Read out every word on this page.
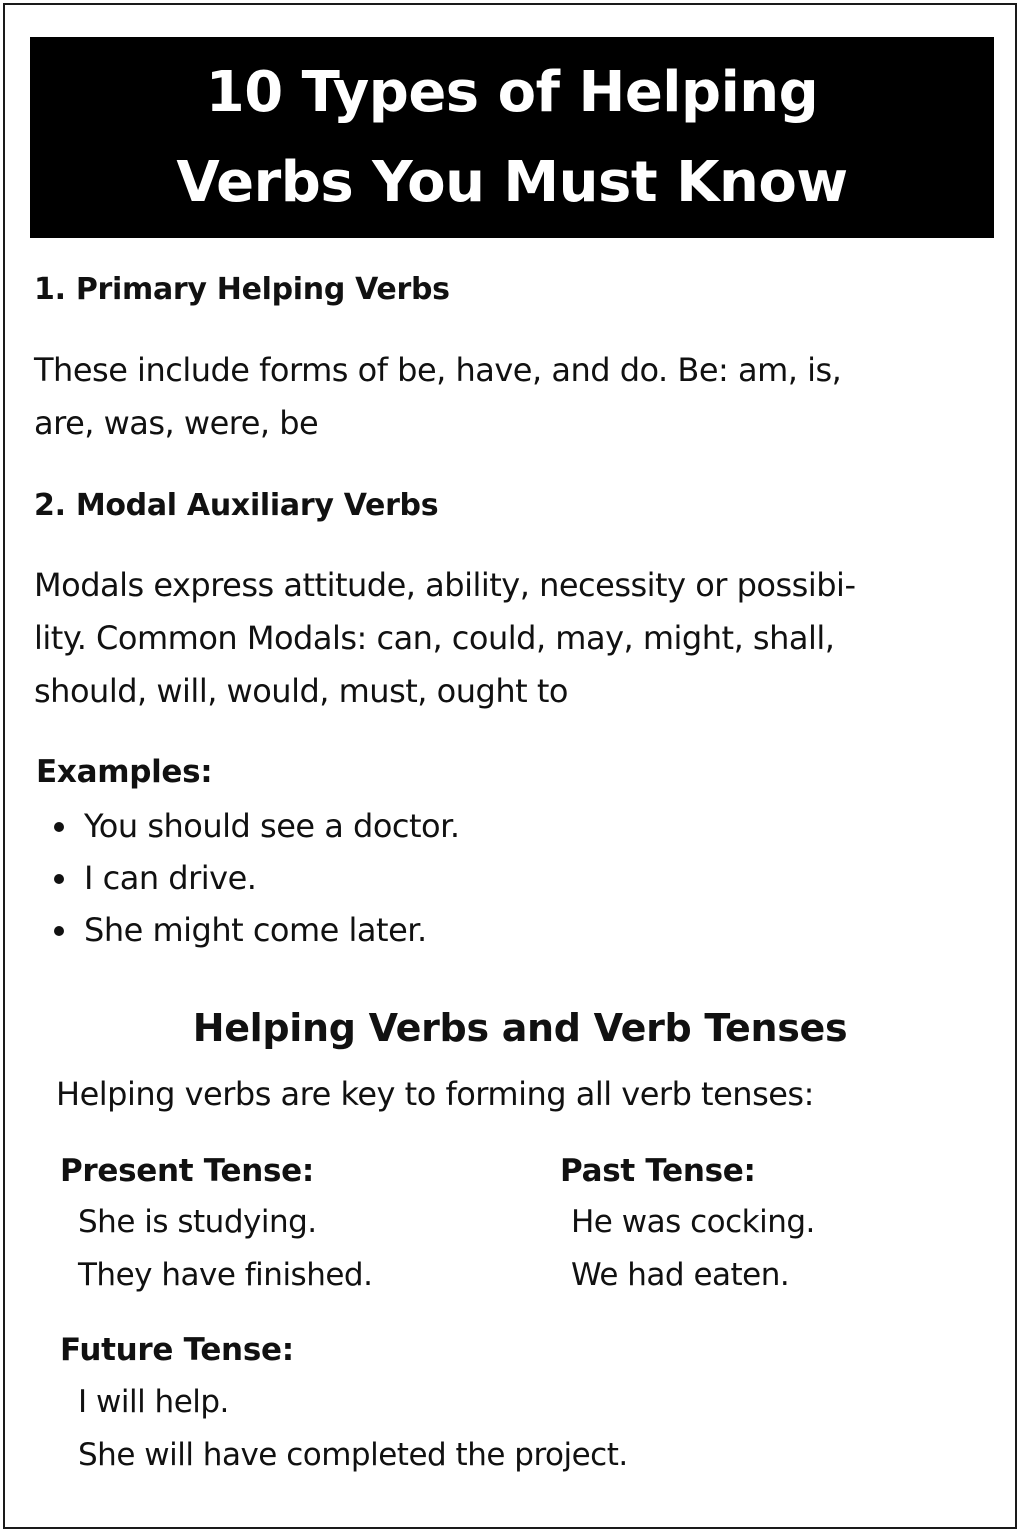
10 Types of Helping
Verbs You Must Know
1. Primary Helping Verbs
These include forms of be, have, and do. Be: am, is,
are, was, were, be
2. Modal Auxiliary Verbs
Modals express attitude, ability, necessity or possibi-
lity. Common Modals: can, could, may, might, shall,
should, will, would, must, ought to
Examples:
You should see a doctor.
I can drive.
She might come later.
Helping Verbs and Verb Tenses
Helping verbs are key to forming all verb tenses:
Present Tense:
She is studying.
They have finished.
Past Tense:
He was cocking.
We had eaten.
Future Tense:
I will help.
She will have completed the project.
